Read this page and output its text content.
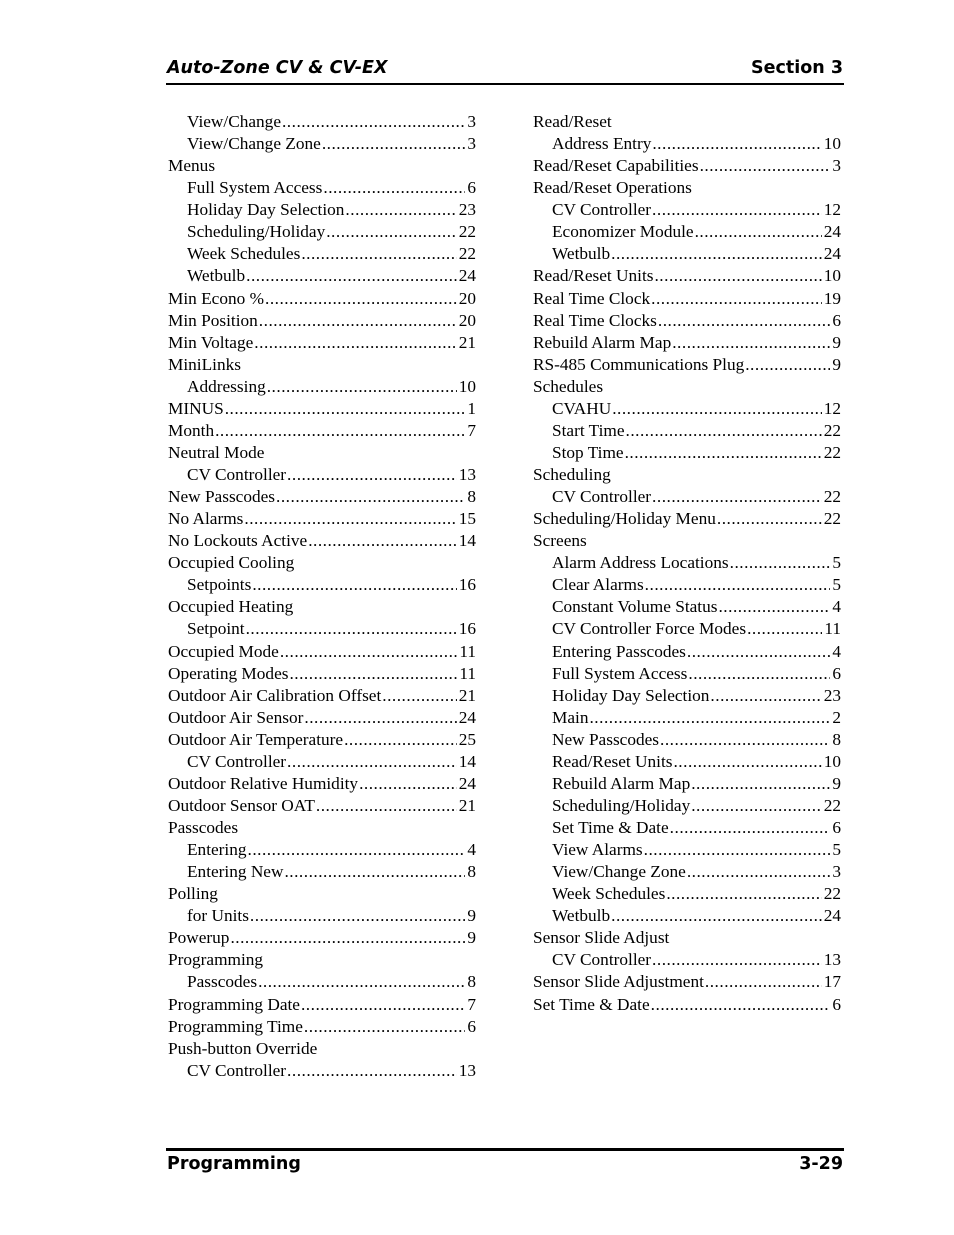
Auto-Zone CV & CV-EX	Section 3
View/Change .....	3
View/Change Zone .....	3
Menus
Full System Access .....	6
Holiday Day Selection .....	23
Scheduling/Holiday .....	22
Week Schedules .....	22
Wetbulb .....	24
Min Econo % .....	20
Min Position .....	20
Min Voltage .....	21
MiniLinks
Addressing .....	10
MINUS .....	1
Month .....	7
Neutral Mode
CV Controller .....	13
New Passcodes .....	8
No Alarms .....	15
No Lockouts Active .....	14
Occupied Cooling
Setpoints .....	16
Occupied Heating
Setpoint .....	16
Occupied Mode .....	11
Operating Modes .....	11
Outdoor Air Calibration Offset .....	21
Outdoor Air Sensor .....	24
Outdoor Air Temperature .....	25
CV Controller .....	14
Outdoor Relative Humidity .....	24
Outdoor Sensor OAT .....	21
Passcodes
Entering .....	4
Entering New .....	8
Polling
for Units .....	9
Powerup .....	9
Programming
Passcodes .....	8
Programming Date .....	7
Programming Time .....	6
Push-button Override
CV Controller .....	13
Read/Reset
Address Entry .....	10
Read/Reset Capabilities .....	3
Read/Reset Operations
CV Controller .....	12
Economizer Module .....	24
Wetbulb .....	24
Read/Reset Units .....	10
Real Time Clock .....	19
Real Time Clocks .....	6
Rebuild Alarm Map .....	9
RS-485 Communications Plug .....	9
Schedules
CVAHU .....	12
Start Time .....	22
Stop Time .....	22
Scheduling
CV Controller .....	22
Scheduling/Holiday Menu .....	22
Screens
Alarm Address Locations .....	5
Clear Alarms .....	5
Constant Volume Status .....	4
CV Controller Force Modes .....	11
Entering Passcodes .....	4
Full System Access .....	6
Holiday Day Selection .....	23
Main .....	2
New Passcodes .....	8
Read/Reset Units .....	10
Rebuild Alarm Map .....	9
Scheduling/Holiday .....	22
Set Time & Date .....	6
View Alarms .....	5
View/Change Zone .....	3
Week Schedules .....	22
Wetbulb .....	24
Sensor Slide Adjust
CV Controller .....	13
Sensor Slide Adjustment .....	17
Set Time & Date .....	6
Programming	3-29
